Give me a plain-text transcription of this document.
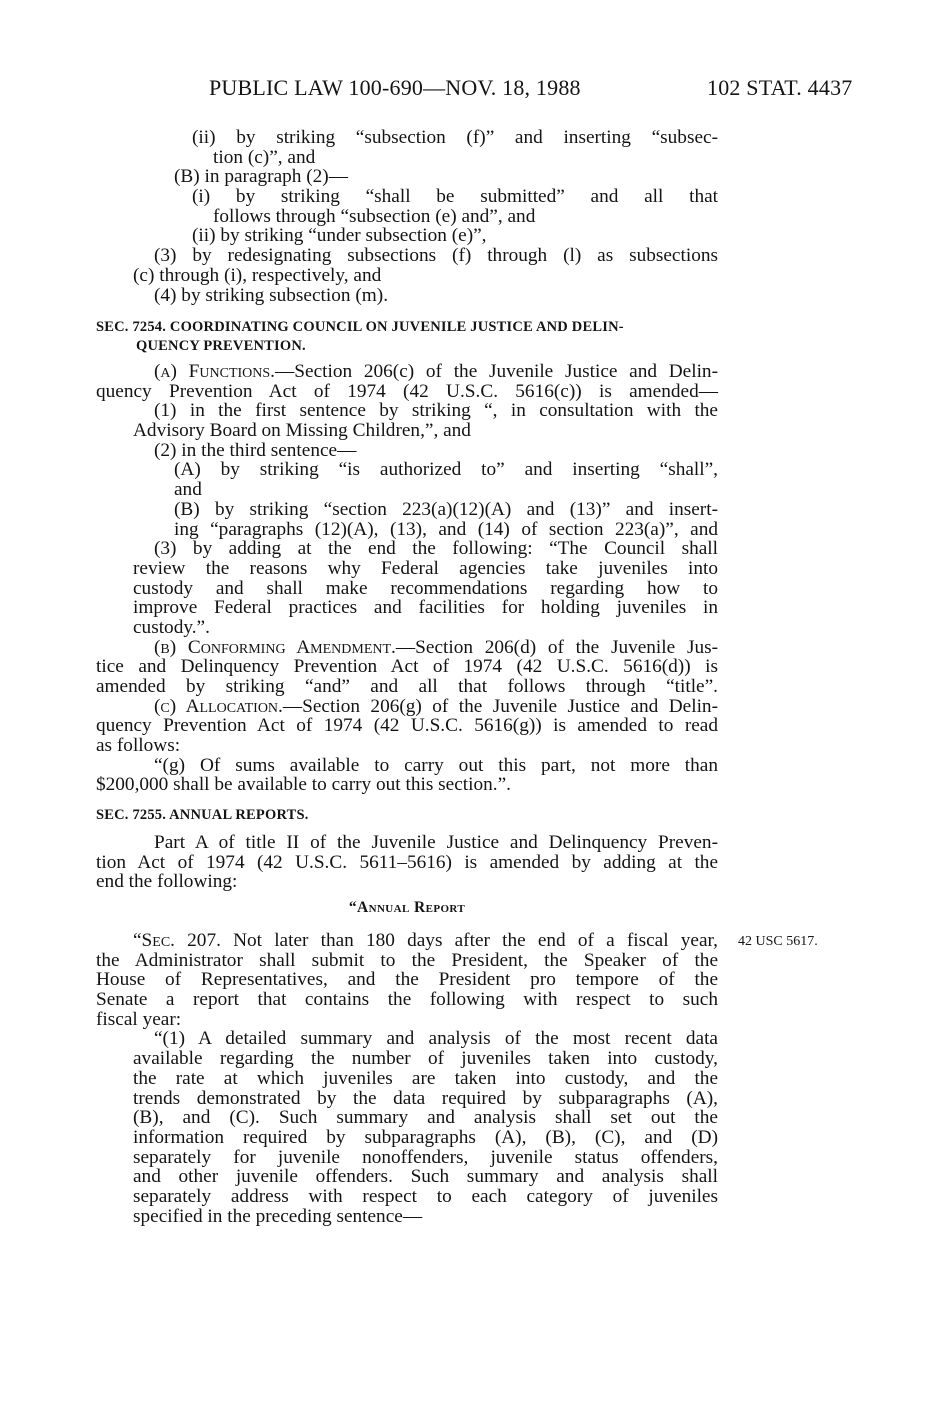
PUBLIC LAW 100-690—NOV. 18, 1988	102 STAT. 4437
(ii) by striking “subsection (f)” and inserting “subsec-
tion (c)”, and
(B) in paragraph (2)—
(i) by striking “shall be submitted” and all that
follows through “subsection (e) and”, and
(ii) by striking “under subsection (e)”,
(3) by redesignating subsections (f) through (l) as subsections
(c) through (i), respectively, and
(4) by striking subsection (m).
SEC. 7254. COORDINATING COUNCIL ON JUVENILE JUSTICE AND DELIN-
QUENCY PREVENTION.
(a) Functions.—Section 206(c) of the Juvenile Justice and Delin-
quency Prevention Act of 1974 (42 U.S.C. 5616(c)) is amended—
(1) in the first sentence by striking “, in consultation with the
Advisory Board on Missing Children,”, and
(2) in the third sentence—
(A) by striking “is authorized to” and inserting “shall”,
and
(B) by striking “section 223(a)(12)(A) and (13)” and insert-
ing “paragraphs (12)(A), (13), and (14) of section 223(a)”, and
(3) by adding at the end the following: “The Council shall
review the reasons why Federal agencies take juveniles into
custody and shall make recommendations regarding how to
improve Federal practices and facilities for holding juveniles in
custody.”.
(b) Conforming Amendment.—Section 206(d) of the Juvenile Jus-
tice and Delinquency Prevention Act of 1974 (42 U.S.C. 5616(d)) is
amended by striking “and” and all that follows through “title”.
(c) Allocation.—Section 206(g) of the Juvenile Justice and Delin-
quency Prevention Act of 1974 (42 U.S.C. 5616(g)) is amended to read
as follows:
“(g) Of sums available to carry out this part, not more than
$200,000 shall be available to carry out this section.”.
SEC. 7255. ANNUAL REPORTS.
Part A of title II of the Juvenile Justice and Delinquency Preven-
tion Act of 1974 (42 U.S.C. 5611–5616) is amended by adding at the
end the following:
“Annual Report
“Sec. 207. Not later than 180 days after the end of a fiscal year,
the Administrator shall submit to the President, the Speaker of the
House of Representatives, and the President pro tempore of the
Senate a report that contains the following with respect to such
fiscal year:
“(1) A detailed summary and analysis of the most recent data
available regarding the number of juveniles taken into custody,
the rate at which juveniles are taken into custody, and the
trends demonstrated by the data required by subparagraphs (A),
(B), and (C). Such summary and analysis shall set out the
information required by subparagraphs (A), (B), (C), and (D)
separately for juvenile nonoffenders, juvenile status offenders,
and other juvenile offenders. Such summary and analysis shall
separately address with respect to each category of juveniles
specified in the preceding sentence—
42 USC 5617.
